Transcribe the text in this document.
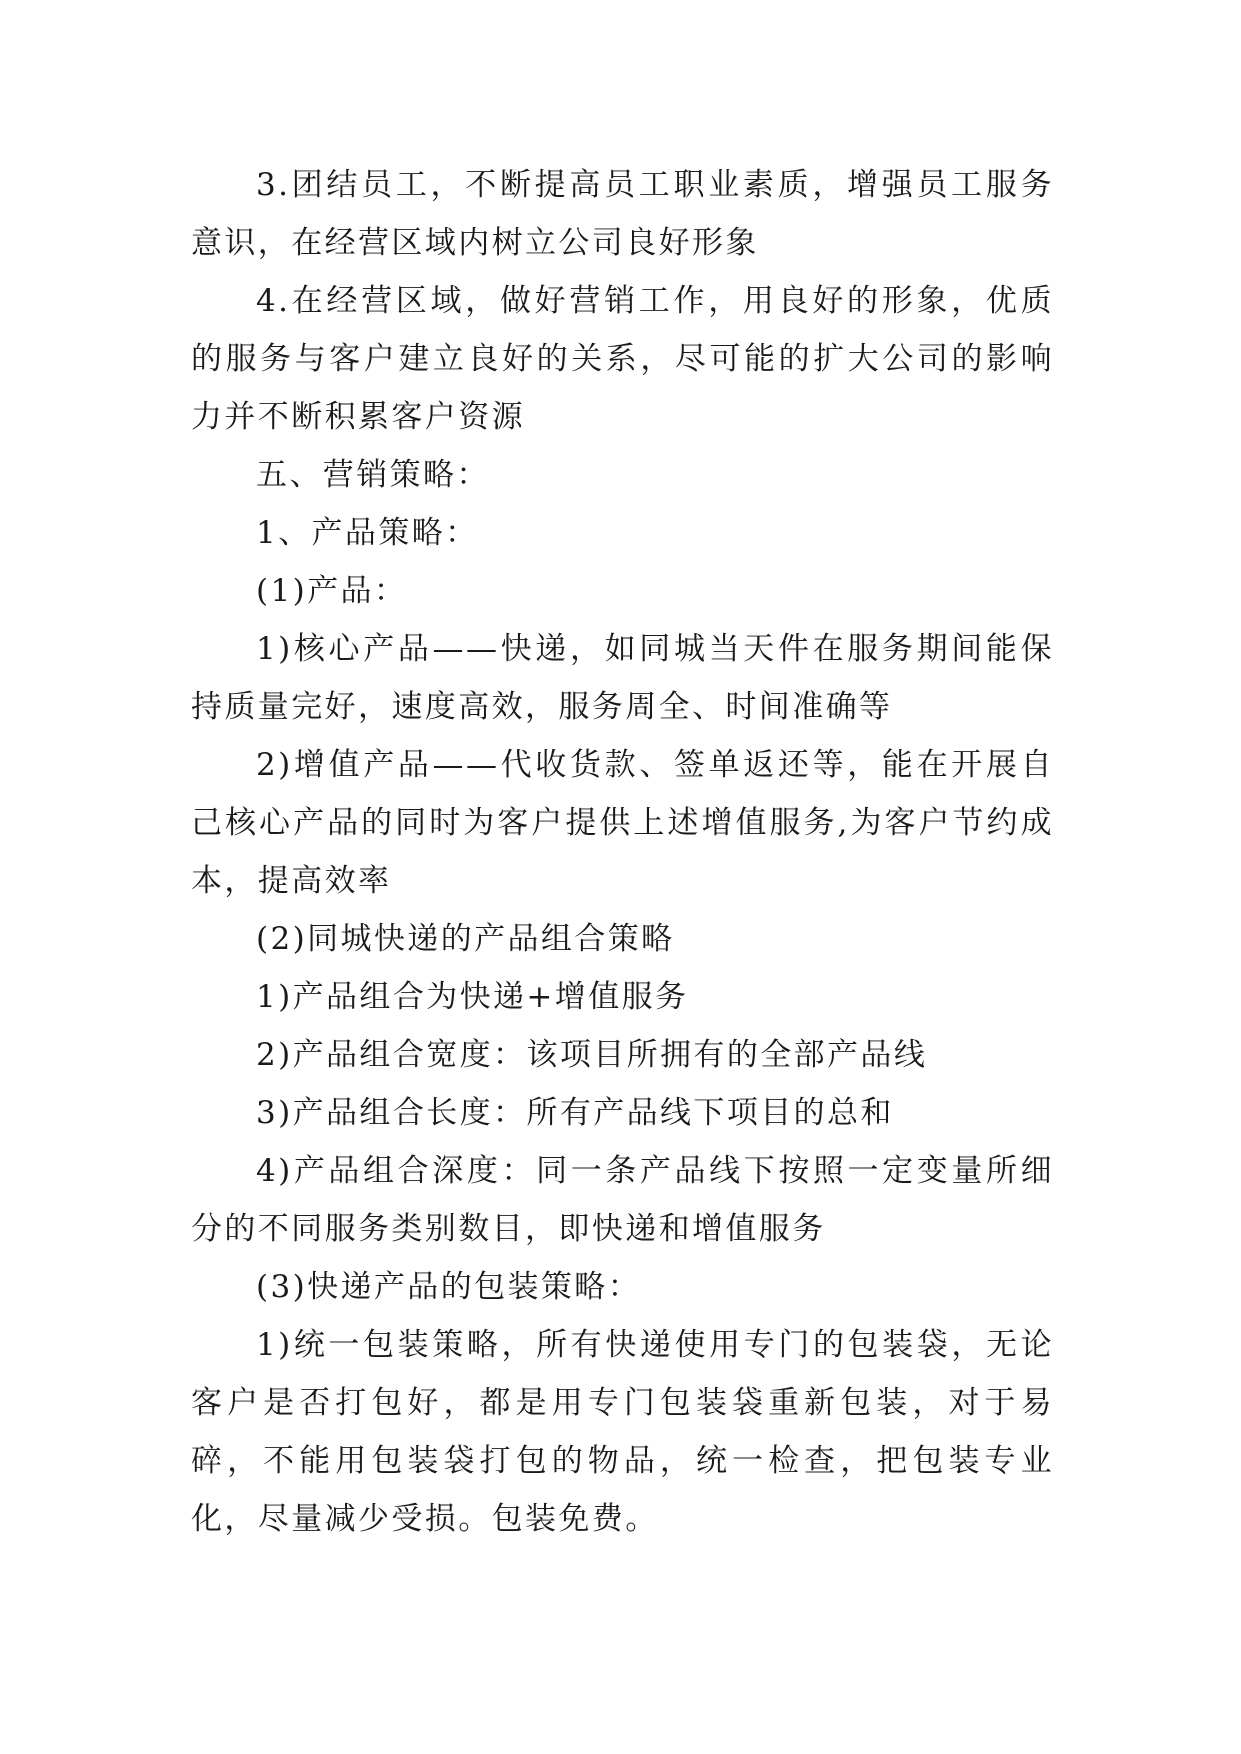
3.团结员工，不断提高员工职业素质，增强员工服务意识，在经营区域内树立公司良好形象

4.在经营区域，做好营销工作，用良好的形象，优质的服务与客户建立良好的关系，尽可能的扩大公司的影响力并不断积累客户资源

五、营销策略：

1、产品策略：

(1)产品：

1)核心产品——快递，如同城当天件在服务期间能保持质量完好，速度高效，服务周全、时间准确等

2)增值产品——代收货款、签单返还等，能在开展自己核心产品的同时为客户提供上述增值服务,为客户节约成本，提高效率

(2)同城快递的产品组合策略

1)产品组合为快递+增值服务

2)产品组合宽度：该项目所拥有的全部产品线

3)产品组合长度：所有产品线下项目的总和

4)产品组合深度：同一条产品线下按照一定变量所细分的不同服务类别数目，即快递和增值服务

(3)快递产品的包装策略：

1)统一包装策略，所有快递使用专门的包装袋，无论客户是否打包好，都是用专门包装袋重新包装，对于易碎，不能用包装袋打包的物品，统一检查，把包装专业化，尽量减少受损。包装免费。
